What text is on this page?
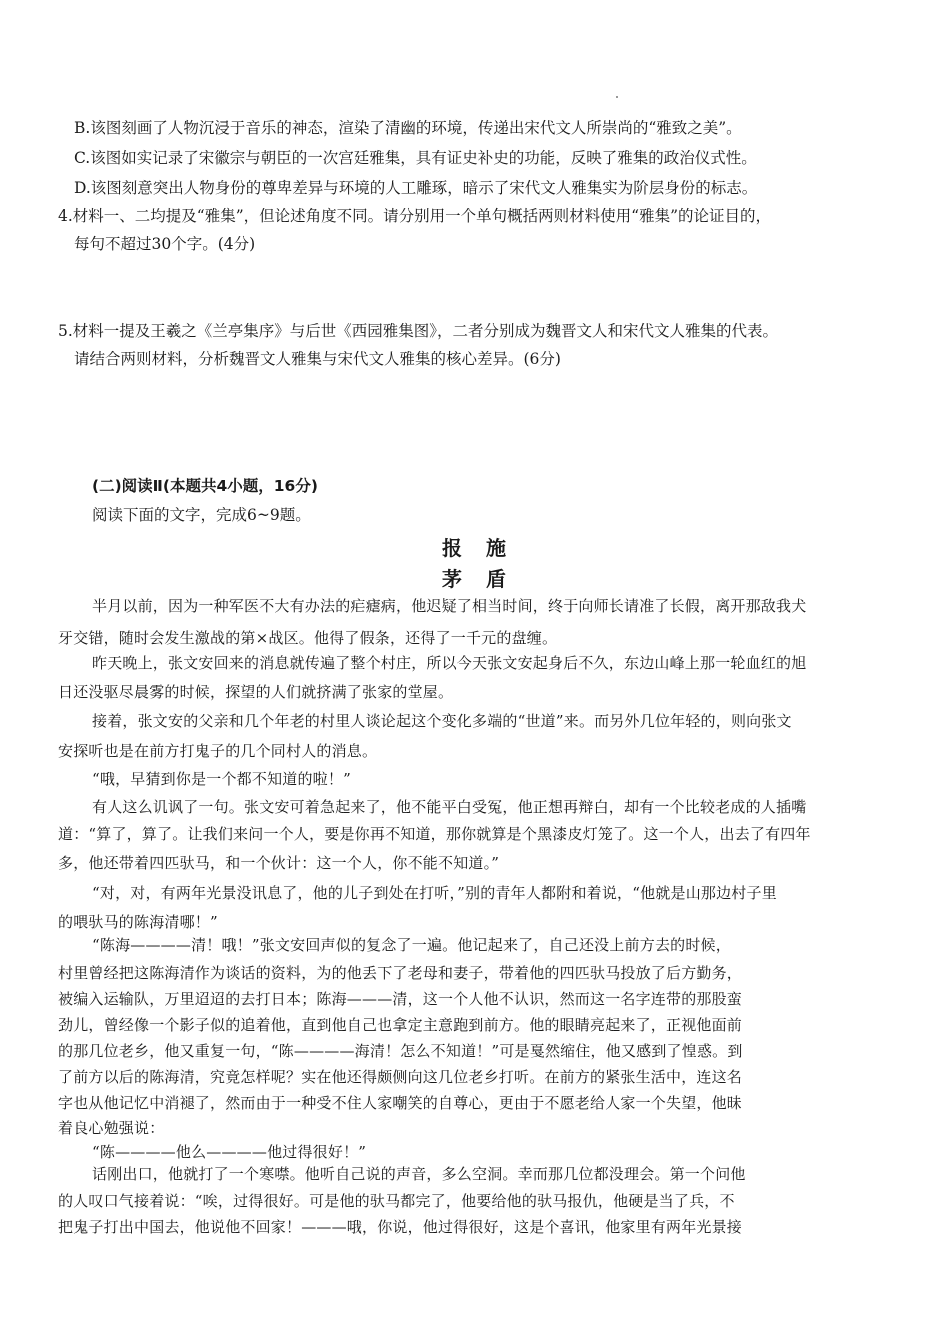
B.该图刻画了人物沉浸于音乐的神态，渲染了清幽的环境，传递出宋代文人所崇尚的“雅致之美”。
C.该图如实记录了宋徽宗与朝臣的一次宫廷雅集，具有证史补史的功能，反映了雅集的政治仪式性。
D.该图刻意突出人物身份的尊卑差异与环境的人工雕琢，暗示了宋代文人雅集实为阶层身份的标志。
4.材料一、二均提及“雅集”，但论述角度不同。请分别用一个单句概括两则材料使用“雅集”的论证目的，
每句不超过30个字。(4分)
5.材料一提及王羲之《兰亭集序》与后世《西园雅集图》，二者分别成为魏晋文人和宋代文人雅集的代表。
请结合两则材料，分析魏晋文人雅集与宋代文人雅集的核心差异。(6分)
(二)阅读Ⅱ(本题共4小题，16分)
阅读下面的文字，完成6~9题。
报　施
茅　盾
半月以前，因为一种军医不大有办法的疟瘧病，他迟疑了相当时间，终于向师长请准了长假，离开那敌我犬
牙交错，随时会发生激战的第×战区。他得了假条，还得了一千元的盘缠。
昨天晚上，张文安回来的消息就传遍了整个村庄，所以今天张文安起身后不久，东边山峰上那一轮血红的旭
日还没驱尽晨雾的时候，探望的人们就挤满了张家的堂屋。
接着，张文安的父亲和几个年老的村里人谈论起这个变化多端的“世道”来。而另外几位年轻的，则向张文
安探听也是在前方打鬼子的几个同村人的消息。
“哦，早猜到你是一个都不知道的啦！”
有人这么讥讽了一句。张文安可着急起来了，他不能平白受冤，他正想再辩白，却有一个比较老成的人插嘴
道：“算了，算了。让我们来问一个人，要是你再不知道，那你就算是个黑漆皮灯笼了。这一个人，出去了有四年
多，他还带着四匹驮马，和一个伙计：这一个人，你不能不知道。”
“对，对，有两年光景没讯息了，他的儿子到处在打听，”别的青年人都附和着说，“他就是山那边村子里
的喂驮马的陈海清哪！”
“陈海————清！哦！”张文安回声似的复念了一遍。他记起来了，自己还没上前方去的时候，
村里曾经把这陈海清作为谈话的资料，为的他丢下了老母和妻子，带着他的四匹驮马投放了后方勤务，
被编入运输队，万里迢迢的去打日本；陈海———清，这一个人他不认识，然而这一名字连带的那股蛮
劲儿，曾经像一个影子似的追着他，直到他自己也拿定主意跑到前方。他的眼睛亮起来了，正视他面前
的那几位老乡，他又重复一句，“陈————海清！怎么不知道！”可是戛然缩住，他又感到了惶惑。到
了前方以后的陈海清，究竟怎样呢？实在他还得颇侧向这几位老乡打听。在前方的紧张生活中，连这名
字也从他记忆中消褪了，然而由于一种受不住人家嘲笑的自尊心，更由于不愿老给人家一个失望，他昧
着良心勉强说：
“陈————他么————他过得很好！”
话刚出口，他就打了一个寒噤。他听自己说的声音，多么空洞。幸而那几位都没理会。第一个问他
的人叹口气接着说：“唉，过得很好。可是他的驮马都完了，他要给他的驮马报仇，他硬是当了兵，不
把鬼子打出中国去，他说他不回家！———哦，你说，他过得很好，这是个喜讯，他家里有两年光景接
